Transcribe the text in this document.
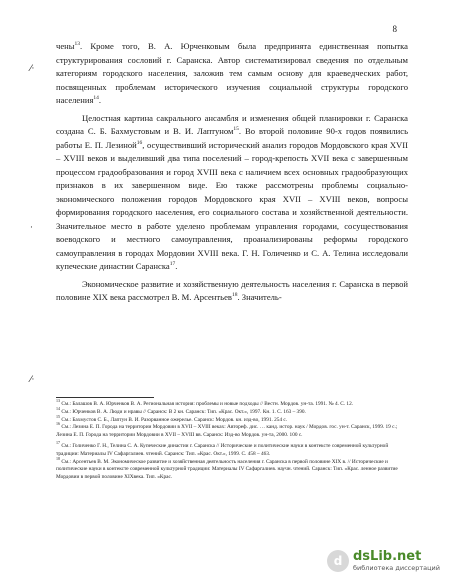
8
⁄·
·
⁄·

чены$^{13}$. Кроме того, В. А. Юрченковым была предпринята единственная попытка структурирования сословий г. Саранска. Автор систематизировал сведения по отдельным категориям городского населения, заложив тем самым основу для краеведческих работ, посвященных проблемам исторического изучения социальной структуры городского населения$^{14}$.

Целостная картина сакрального ансамбля и изменения общей планировки г. Саранска создана С. Б. Бахмустовым и В. И. Лаптуном$^{15}$. Во второй половине 90-х годов появились работы Е. П. Лезиной$^{16}$, осуществивший исторический анализ городов Мордовского края XVII – XVIII веков и выделивший два типа поселений – город-крепость XVII века с завершенным процессом градообразования и город XVIII века с наличием всех основных градообразующих признаков в их завершенном виде. Ею также рассмотрены проблемы социально-экономического положения городов Мордовского края XVII – XVIII веков, вопросы формирования городского населения, его социального состава и хозяйственной деятельности. Значительное место в работе уделено проблемам управления городами, сосуществования воеводского и местного самоуправления, проанализированы реформы городского самоуправления в городах Мордовии XVIII века. Г. Н. Голиченко и С. А. Телина исследовали купеческие династии Саранска$^{17}$.

Экономическое развитие и хозяйственную деятельность населения г. Саранска в первой половине XIX века рассмотрел В. М. Арсентьев$^{18}$. Значитель-

$^{13}$ См.: Балашов В. А. Юрченков В. А. Региональная история: проблемы и новые подходы // Вестн. Мордов. ун-та. 1991. № 4. С. 12.
$^{14}$ См.: Юрченков В. А. Люди и нравы // Саранск: В 2 кн. Саранск: Тип. «Крас. Окт.», 1997. Кн. 1. С. 163 – 390.
$^{15}$ См.: Бахмустов С. Б., Лаптун В. И. Разорванное ожерелье. Саранск: Мордов. кн. изд-во, 1991. 254 с.
$^{16}$ См.: Лезина Е. П. Города на территории Мордовии в XVII – XVIII веках: Автореф. дис. … канд. истор. наук / Мордов. гос. ун-т. Саранск, 1999. 19 с.; Лезина Е. П. Города на территории Мордовии в XVII – XVIII вв. Саранск: Изд-во Мордов. ун-та, 2000. 100 с.
$^{17}$ См.: Голиченко Г. Н., Телина С. А. Купеческие династии г. Саранска // Исторические и политические науки в контексте современной культурной традиции: Материалы IV Сафаргалиев. чтений. Саранск: Тип. «Крас. Окт.», 1999. С. 458 – 463.
$^{18}$ См.: Арсентьев В. М. Экономическое развитие и хозяйственная деятельность населения г. Саранска в первой половине XIX в. // Исторические и политические науки в контексте современной культурной традиции: Материалы IV Сафаргалиев. научн. чтений. Саранск: Тип. «Крас. ленное развитие Мордовии в первой половине XIXвека. Тип. «Крас.
d dsLib.net
библиотека диссертаций
